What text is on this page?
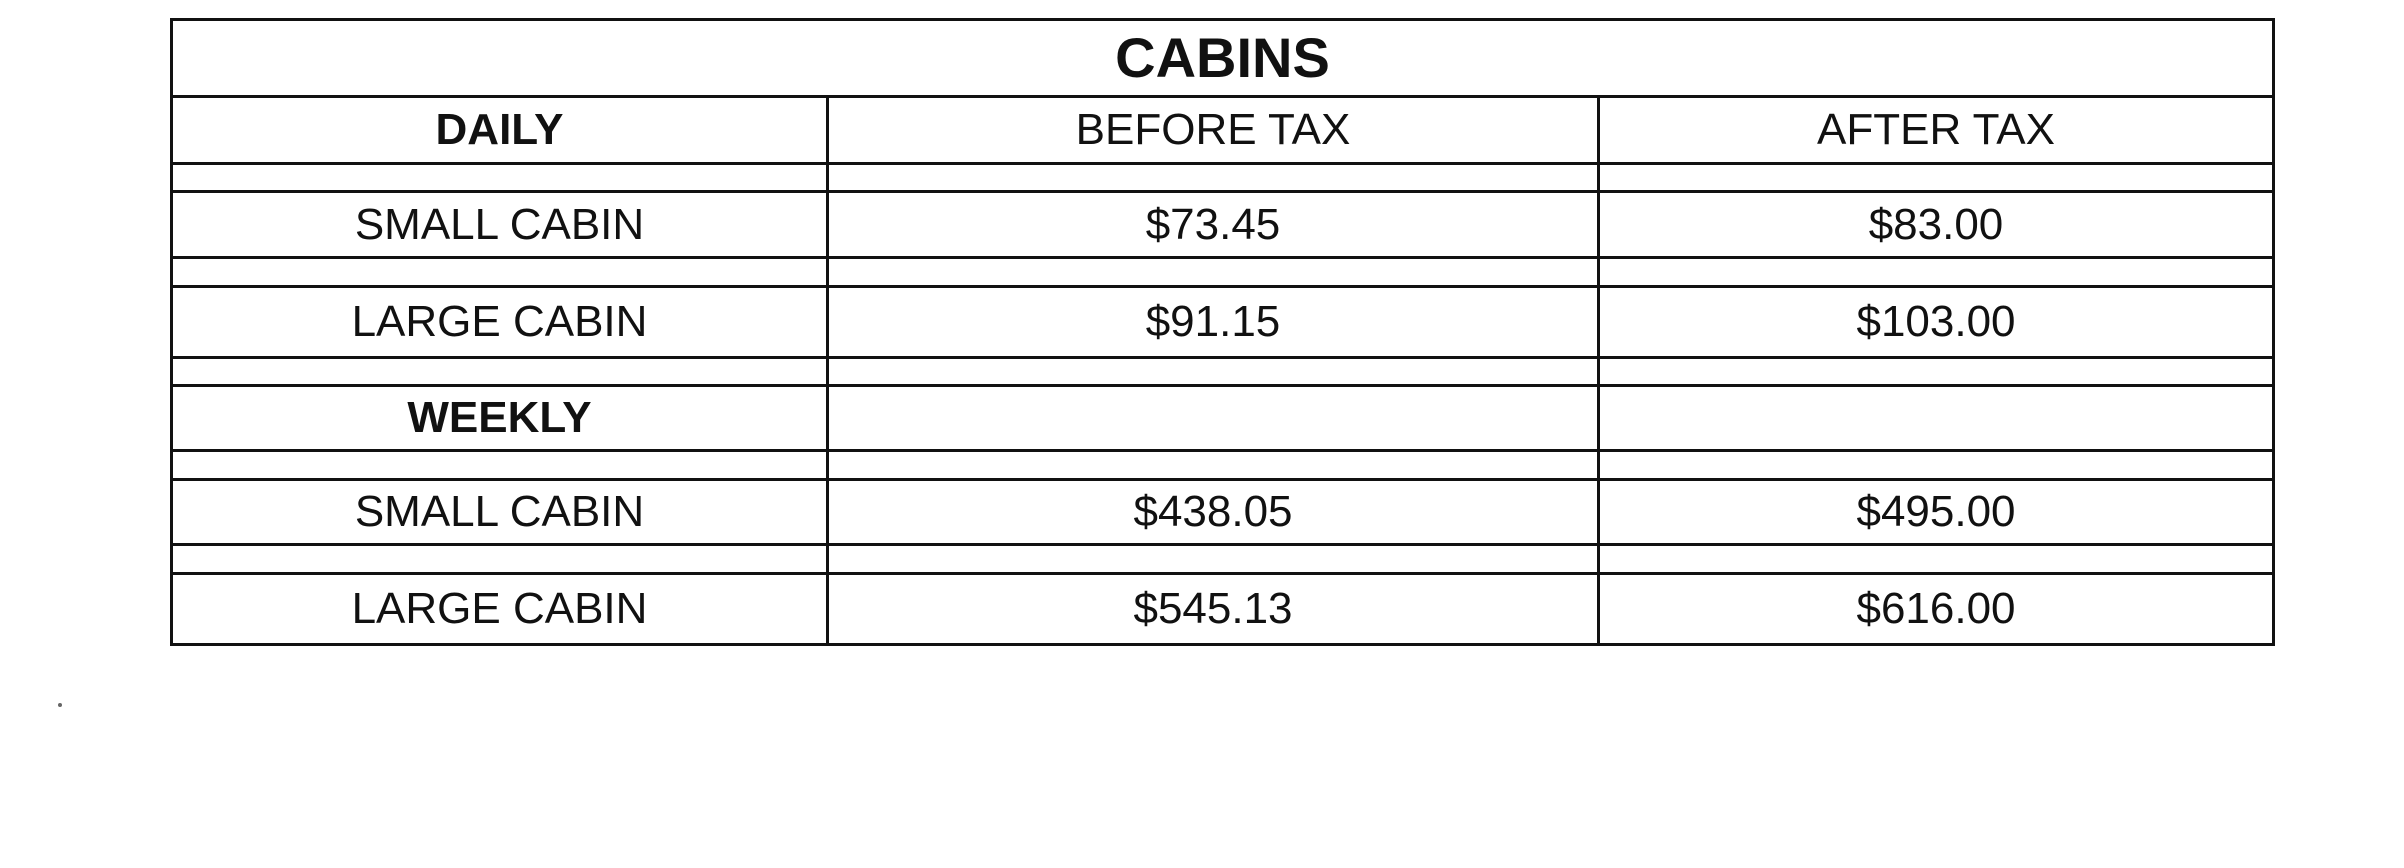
CABINS		
DAILY	BEFORE TAX	AFTER TAX

SMALL CABIN	$73.45	$83.00

LARGE CABIN	$91.15	$103.00

WEEKLY		

SMALL CABIN	$438.05	$495.00

LARGE CABIN	$545.13	$616.00
